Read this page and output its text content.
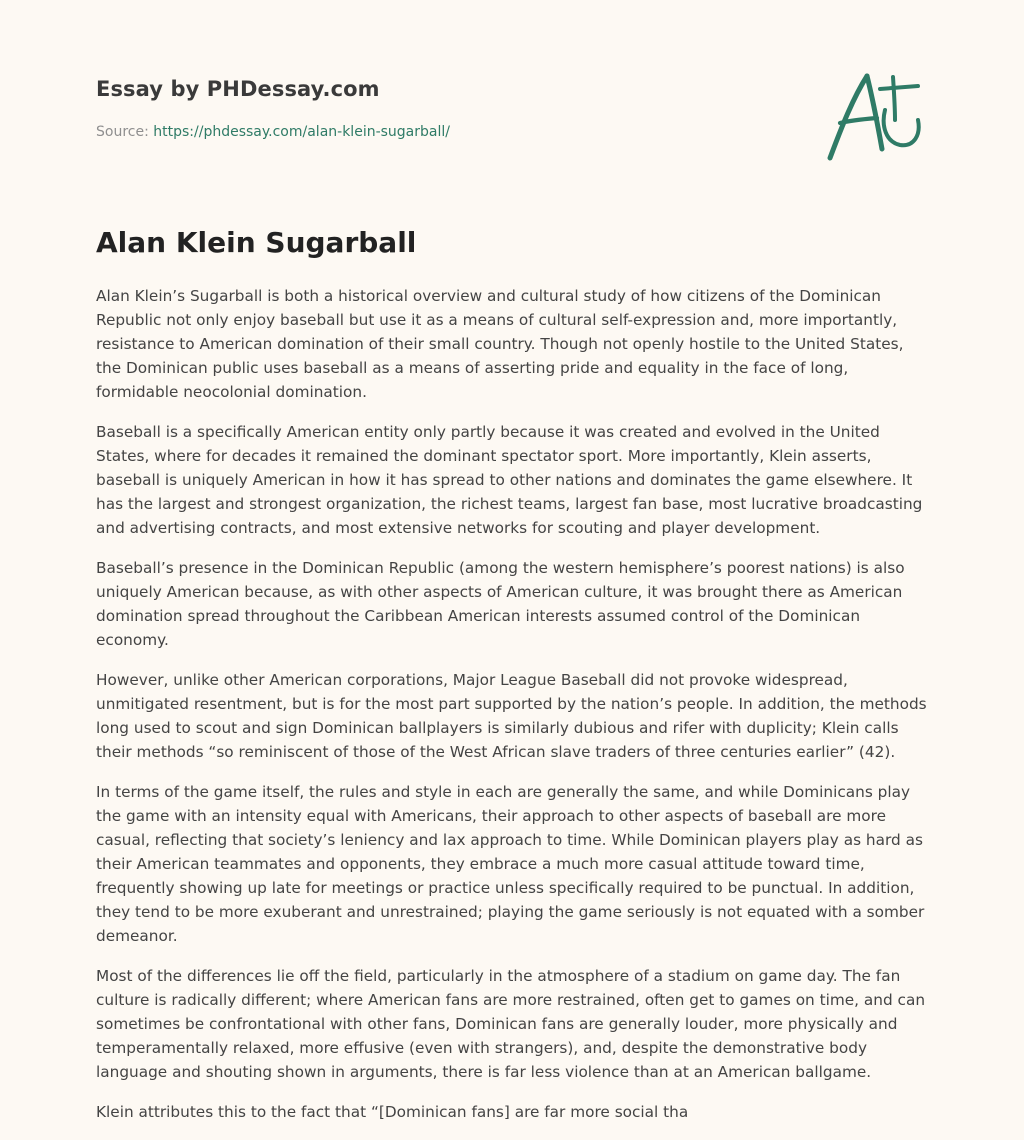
Essay by PHDessay.com
Source: https://phdessay.com/alan-klein-sugarball/
Alan Klein Sugarball

Alan Klein’s Sugarball is both a historical overview and cultural study of how citizens of the Dominican Republic not only enjoy baseball but use it as a means of cultural self-expression and, more importantly, resistance to American domination of their small country. Though not openly hostile to the United States, the Dominican public uses baseball as a means of asserting pride and equality in the face of long, formidable neocolonial domination.

Baseball is a specifically American entity only partly because it was created and evolved in the United States, where for decades it remained the dominant spectator sport. More importantly, Klein asserts, baseball is uniquely American in how it has spread to other nations and dominates the game elsewhere. It has the largest and strongest organization, the richest teams, largest fan base, most lucrative broadcasting and advertising contracts, and most extensive networks for scouting and player development.

Baseball’s presence in the Dominican Republic (among the western hemisphere’s poorest nations) is also uniquely American because, as with other aspects of American culture, it was brought there as American domination spread throughout the Caribbean American interests assumed control of the Dominican economy.

However, unlike other American corporations, Major League Baseball did not provoke widespread, unmitigated resentment, but is for the most part supported by the nation’s people. In addition, the methods long used to scout and sign Dominican ballplayers is similarly dubious and rifer with duplicity; Klein calls their methods “so reminiscent of those of the West African slave traders of three centuries earlier” (42).

In terms of the game itself, the rules and style in each are generally the same, and while Dominicans play the game with an intensity equal with Americans, their approach to other aspects of baseball are more casual, reflecting that society’s leniency and lax approach to time. While Dominican players play as hard as their American teammates and opponents, they embrace a much more casual attitude toward time, frequently showing up late for meetings or practice unless specifically required to be punctual. In addition, they tend to be more exuberant and unrestrained; playing the game seriously is not equated with a somber demeanor.

Most of the differences lie off the field, particularly in the atmosphere of a stadium on game day. The fan culture is radically different; where American fans are more restrained, often get to games on time, and can sometimes be confrontational with other fans, Dominican fans are generally louder, more physically and temperamentally relaxed, more effusive (even with strangers), and, despite the demonstrative body language and shouting shown in arguments, there is far less violence than at an American ballgame.

Klein attributes this to the fact that “[Dominican fans] are far more social tha
